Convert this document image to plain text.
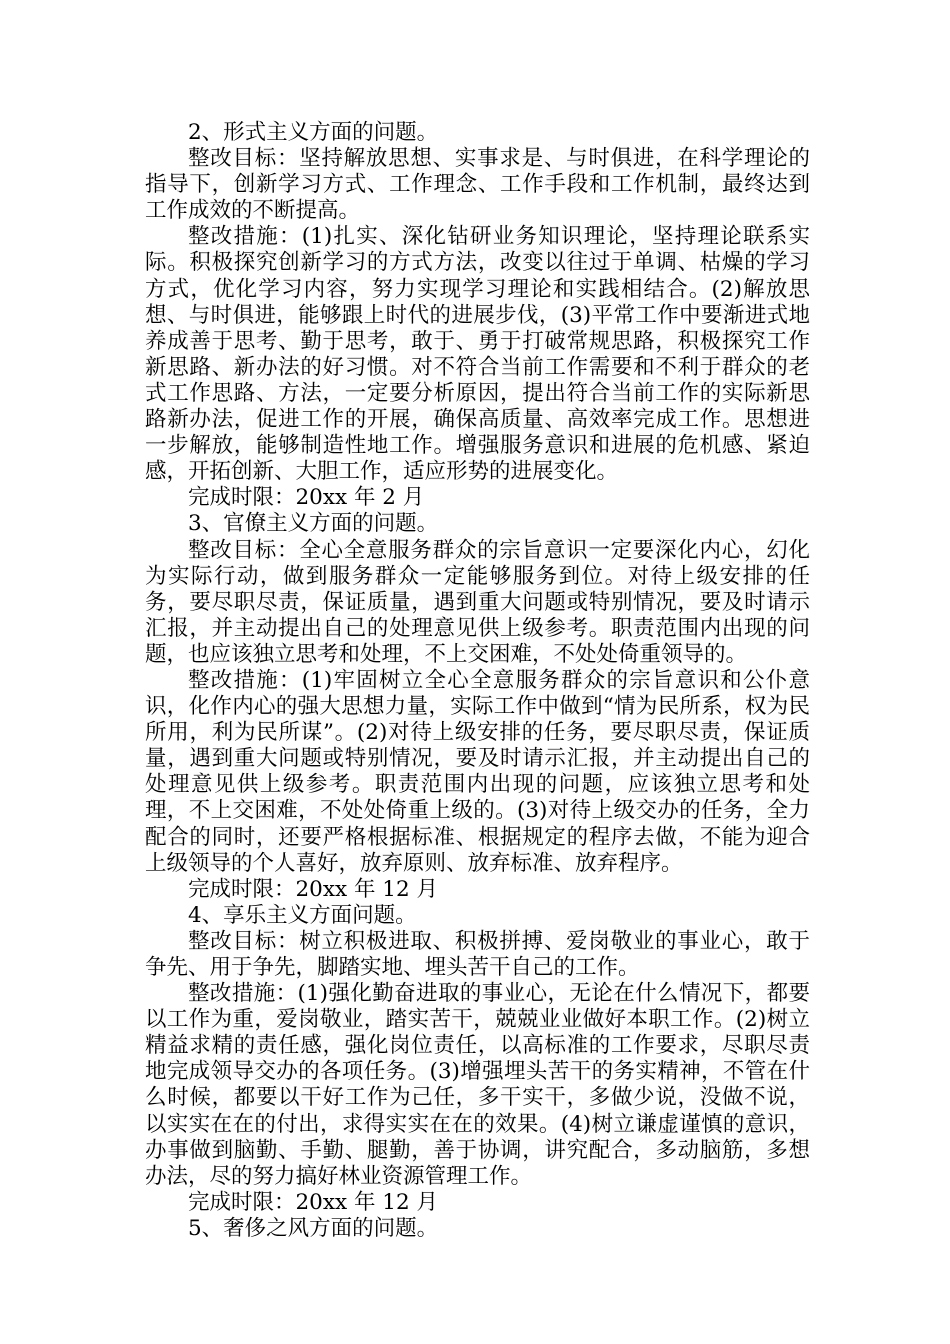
2、形式主义方面的问题。

整改目标：坚持解放思想、实事求是、与时俱进，在科学理论的指导下，创新学习方式、工作理念、工作手段和工作机制，最终达到工作成效的不断提高。

整改措施：(1)扎实、深化钻研业务知识理论，坚持理论联系实际。积极探究创新学习的方式方法，改变以往过于单调、枯燥的学习方式，优化学习内容，努力实现学习理论和实践相结合。(2)解放思想、与时俱进，能够跟上时代的进展步伐，(3)平常工作中要渐进式地养成善于思考、勤于思考，敢于、勇于打破常规思路，积极探究工作新思路、新办法的好习惯。对不符合当前工作需要和不利于群众的老式工作思路、方法，一定要分析原因，提出符合当前工作的实际新思路新办法，促进工作的开展，确保高质量、高效率完成工作。思想进一步解放，能够制造性地工作。增强服务意识和进展的危机感、紧迫感，开拓创新、大胆工作，适应形势的进展变化。

完成时限：20xx 年 2 月

3、官僚主义方面的问题。

整改目标：全心全意服务群众的宗旨意识一定要深化内心，幻化为实际行动，做到服务群众一定能够服务到位。对待上级安排的任务，要尽职尽责，保证质量，遇到重大问题或特别情况，要及时请示汇报，并主动提出自己的处理意见供上级参考。职责范围内出现的问题，也应该独立思考和处理，不上交困难，不处处倚重领导的。

整改措施：(1)牢固树立全心全意服务群众的宗旨意识和公仆意识，化作内心的强大思想力量，实际工作中做到“情为民所系，权为民所用，利为民所谋”。(2)对待上级安排的任务，要尽职尽责，保证质量，遇到重大问题或特别情况，要及时请示汇报，并主动提出自己的处理意见供上级参考。职责范围内出现的问题，应该独立思考和处理，不上交困难，不处处倚重上级的。(3)对待上级交办的任务，全力配合的同时，还要严格根据标准、根据规定的程序去做，不能为迎合上级领导的个人喜好，放弃原则、放弃标准、放弃程序。

完成时限：20xx 年 12 月

4、享乐主义方面问题。

整改目标：树立积极进取、积极拼搏、爱岗敬业的事业心，敢于争先、用于争先，脚踏实地、埋头苦干自己的工作。

整改措施：(1)强化勤奋进取的事业心，无论在什么情况下，都要以工作为重，爱岗敬业，踏实苦干，兢兢业业做好本职工作。(2)树立精益求精的责任感，强化岗位责任，以高标准的工作要求，尽职尽责地完成领导交办的各项任务。(3)增强埋头苦干的务实精神，不管在什么时候，都要以干好工作为己任，多干实干，多做少说，没做不说，以实实在在的付出，求得实实在在的效果。(4)树立谦虚谨慎的意识，办事做到脑勤、手勤、腿勤，善于协调，讲究配合，多动脑筋，多想办法，尽的努力搞好林业资源管理工作。

完成时限：20xx 年 12 月

5、奢侈之风方面的问题。
